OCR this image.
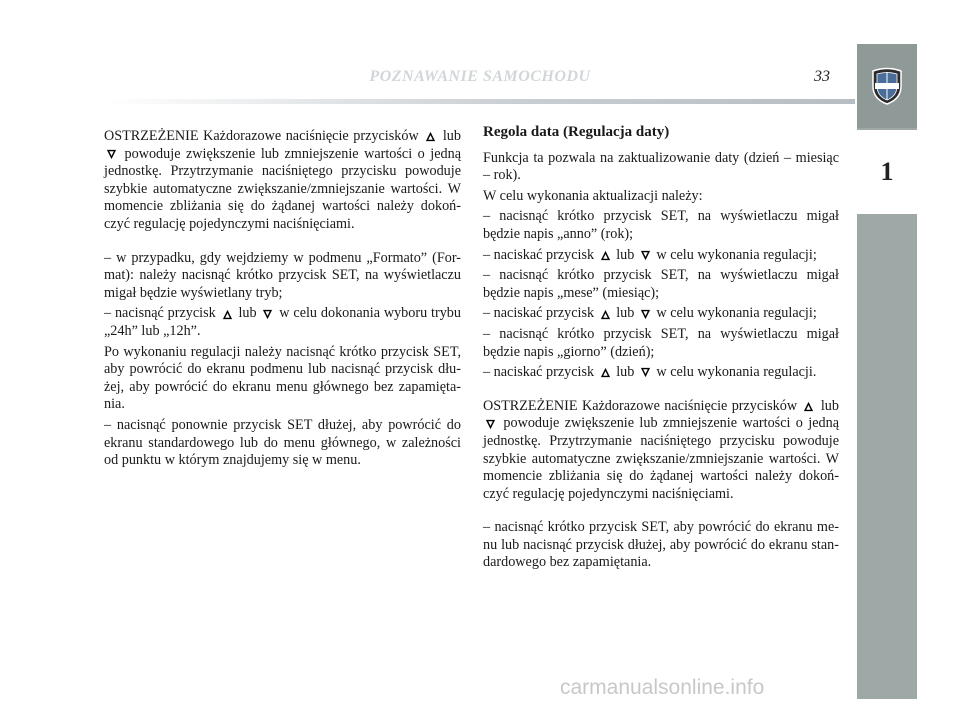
POZNAWANIE SAMOCHODU	33
1

OSTRZEŻENIE Każdorazowe naciśnięcie przycisków lub  powoduje zwiększenie lub zmniejszenie wartości o jedną jednostkę. Przytrzymanie naciśniętego przycisku powoduje szybkie automatyczne zwiększanie/zmniejszanie wartości. W momencie zbliżania się do żądanej wartości należy dokoń-czyć regulację pojedynczymi naciśnięciami.

– w przypadku, gdy wejdziemy w podmenu „Formato” (For-mat): należy nacisnąć krótko przycisk SET, na wyświetlaczu migał będzie wyświetlany tryb;

– nacisnąć przycisk lub w celu dokonania wyboru trybu „24h” lub „12h”.

Po wykonaniu regulacji należy nacisnąć krótko przycisk SET, aby powrócić do ekranu podmenu lub nacisnąć przycisk dłu-żej, aby powrócić do ekranu menu głównego bez zapamięta-nia.

– nacisnąć ponownie przycisk SET dłużej, aby powrócić do ekranu standardowego lub do menu głównego, w zależności od punktu w którym znajdujemy się w menu.

Regola data (Regulacja daty)

Funkcja ta pozwala na zaktualizowanie daty (dzień – miesiąc – rok).

W celu wykonania aktualizacji należy:

– nacisnąć krótko przycisk SET, na wyświetlaczu migał będzie napis „anno” (rok);

– naciskać przycisk lub w celu wykonania regulacji;

– nacisnąć krótko przycisk SET, na wyświetlaczu migał będzie napis „mese” (miesiąc);

– naciskać przycisk lub w celu wykonania regulacji;

– nacisnąć krótko przycisk SET, na wyświetlaczu migał będzie napis „giorno” (dzień);

– naciskać przycisk lub w celu wykonania regulacji.

OSTRZEŻENIE Każdorazowe naciśnięcie przycisków lub  powoduje zwiększenie lub zmniejszenie wartości o jedną jednostkę. Przytrzymanie naciśniętego przycisku powoduje szybkie automatyczne zwiększanie/zmniejszanie wartości. W momencie zbliżania się do żądanej wartości należy dokoń-czyć regulację pojedynczymi naciśnięciami.

– nacisnąć krótko przycisk SET, aby powrócić do ekranu me-nu lub nacisnąć przycisk dłużej, aby powrócić do ekranu stan-dardowego bez zapamiętania.

carmanualsonline.info
